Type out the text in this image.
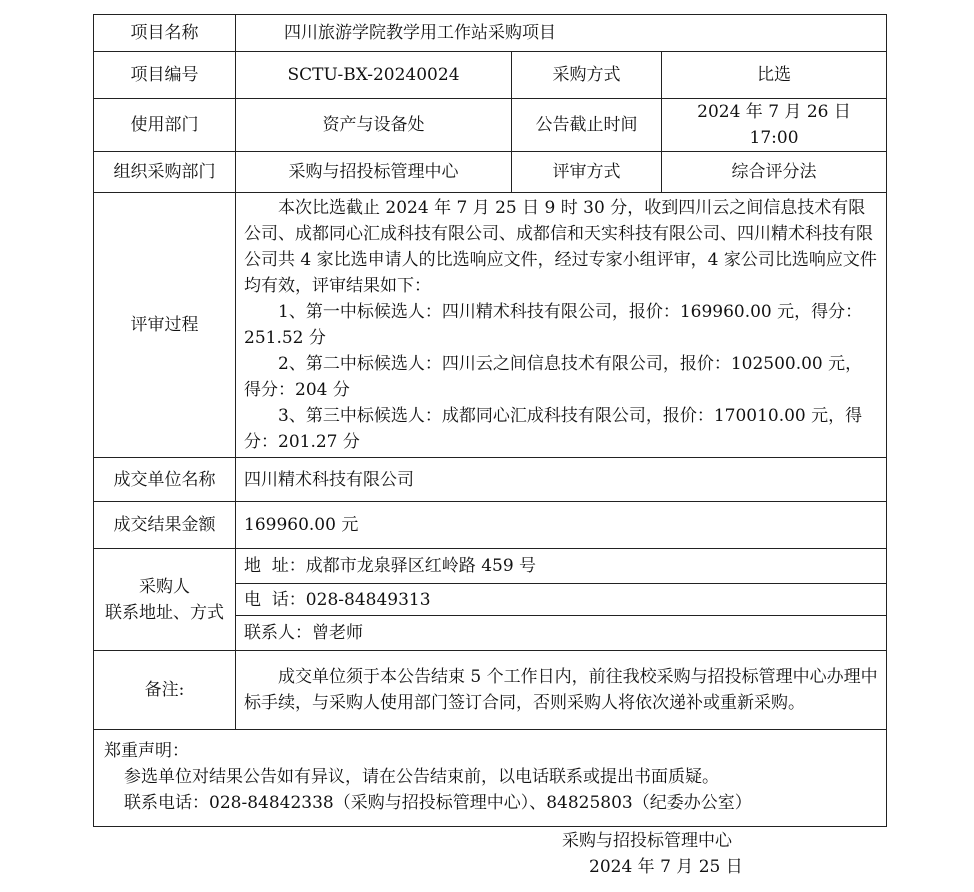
项目名称	四川旅游学院教学用工作站采购项目		
项目编号	SCTU-BX-20240024	采购方式	比选
使用部门	资产与设备处	公告截止时间	2024 年 7 月 26 日 17:00
组织采购部门	采购与招投标管理中心	评审方式	综合评分法
评审过程	本次比选截止 2024 年 7 月 25 日 9 时 30 分，收到四川云之间信息技术有限公司、成都同心汇成科技有限公司、成都信和天实科技有限公司、四川精术科技有限公司共 4 家比选申请人的比选响应文件，经过专家小组评审，4 家公司比选响应文件均有效，评审结果如下：

1、第一中标候选人：四川精术科技有限公司，报价：169960.00 元，得分：251.52 分

2、第二中标候选人：四川云之间信息技术有限公司，报价：102500.00 元，得分：204 分

3、第三中标候选人：成都同心汇成科技有限公司，报价：170010.00 元，得分：201.27 分		

成交单位名称	四川精术科技有限公司		
成交结果金额	169960.00 元		

采购人
联系地址、方式	地  址：成都市龙泉驿区红岭路 459 号		
	电  话：028-84849313		
	联系人：曾老师		
备注:	成交单位须于本公告结束 5 个工作日内，前往我校采购与招投标管理中心办理中标手续，与采购人使用部门签订合同，否则采购人将依次递补或重新采购。		

郑重声明：
参选单位对结果公告如有异议，请在公告结束前，以电话联系或提出书面质疑。
联系电话：028-84842338（采购与招投标管理中心）、84825803（纪委办公室）			
采购与招投标管理中心
2024 年 7 月 25 日
